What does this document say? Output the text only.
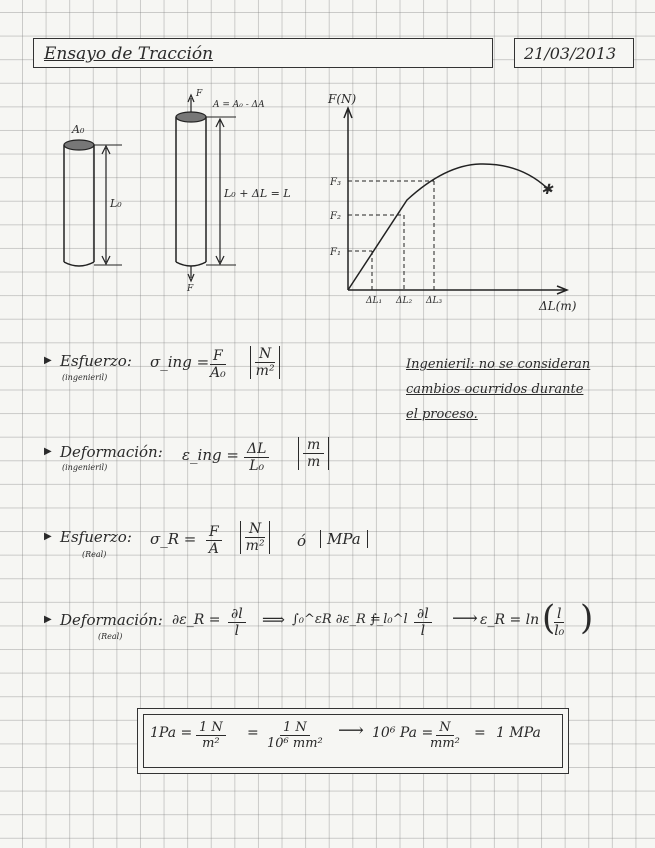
Ensayo de Tracción	21/03/2013
A₀
L₀
F
A = A₀ - ΔA
L₀ + ΔL = L
F
✱
F(N)
ΔL(m)
F₁
F₂
F₃
ΔL₁ ΔL₂ ΔL₃
Ingenieril: no se consideran
cambios ocurridos durante
el proceso.
▶ Esfuerzo:
(ingenieril)
σ_ing = $\frac{F}{\text{A₀}} \frac{N}{\text{m²}}$
▶ Deformación:
(ingenieril)
ε_ing = $\frac{\Delta L}{\text{L₀}} \frac{m}{m}$
▶ Esfuerzo:
(Real)
σ_R = $\frac{F}{A} \frac{N}{\text{m²}}$ ó	MPa
▶ Deformación:
(Real)
∂ε_R = $\frac{\partial l}{l}$ ⟹ ∫₀^εR ∂ε_R =
∫_l₀^l $\frac{\partial l}{l}$ ⟶ ε_R = ln (
$\frac{l}{\text{l₀}}$ )
$1Pa = \frac{1 N}{\text{m²}} = \frac{1 N}{\text{10⁶ mm²}}$ ⟶ 10⁶ Pa =
$\frac{N}{\text{mm²}} = 1$ MPa
